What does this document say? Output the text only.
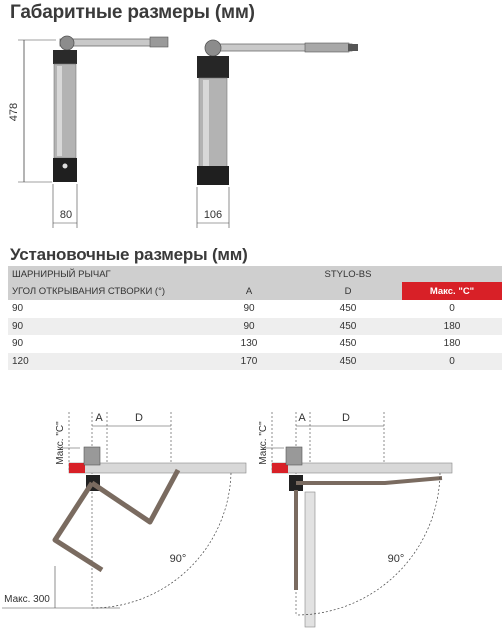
Габаритные размеры (мм)
478
80	106
Макс. "C"
A	D
90°
Макс. 300
Макс. "C"
A	D
90°
Установочные размеры (мм)
ШАРНИРНЫЙ РЫЧАГ		STYLO-BS	
УГОЛ ОТКРЫВАНИЯ СТВОРКИ (°)	A	D	Макс. "C"
90	90	450	0
90	90	450	180
90	130	450	180
120	170	450	0
